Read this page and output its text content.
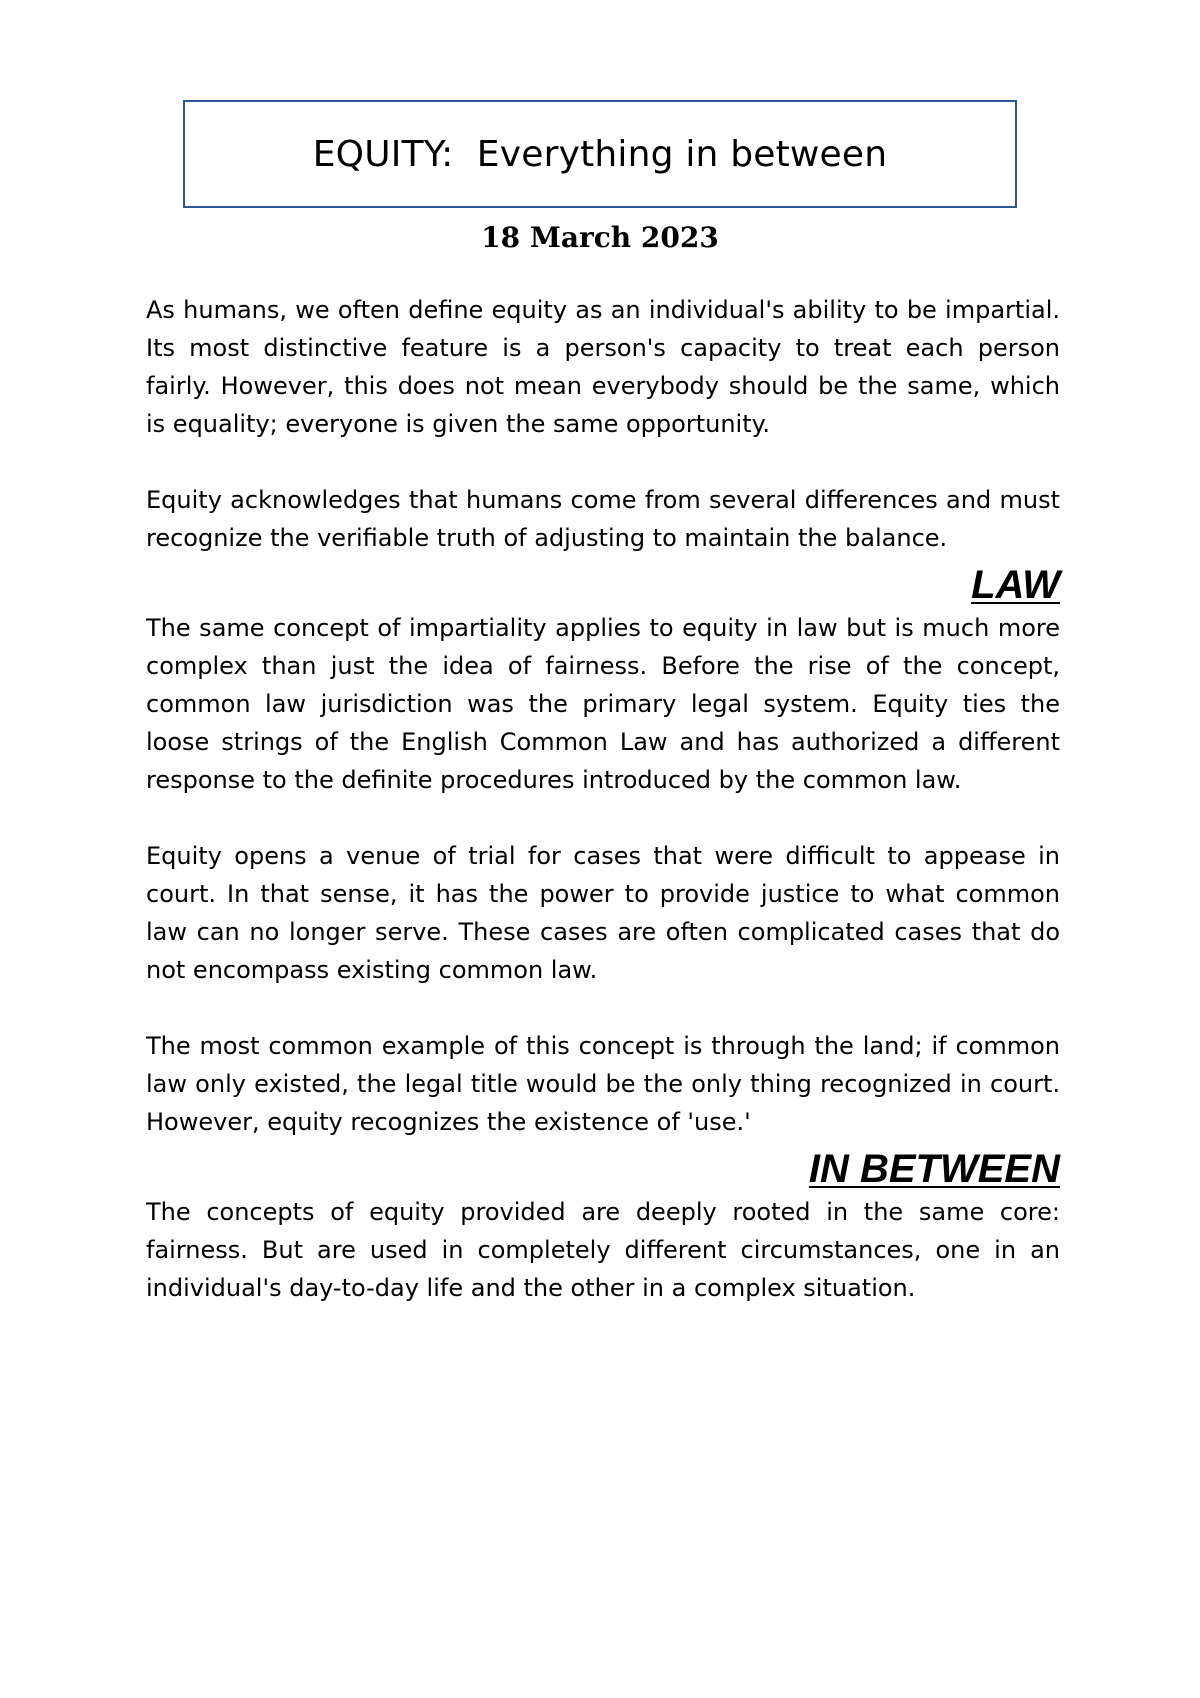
EQUITY:  Everything in between
18 March 2023

As humans, we often define equity as an individual's ability to be impartial. Its most distinctive feature is a person's capacity to treat each person fairly. However, this does not mean everybody should be the same, which is equality; everyone is given the same opportunity.

Equity acknowledges that humans come from several differences and must recognize the verifiable truth of adjusting to maintain the balance.

LAW

The same concept of impartiality applies to equity in law but is much more complex than just the idea of fairness. Before the rise of the concept, common law jurisdiction was the primary legal system. Equity ties the loose strings of the English Common Law and has authorized a different response to the definite procedures introduced by the common law.

Equity opens a venue of trial for cases that were difficult to appease in court. In that sense, it has the power to provide justice to what common law can no longer serve. These cases are often complicated cases that do not encompass existing common law.

The most common example of this concept is through the land; if common law only existed, the legal title would be the only thing recognized in court. However, equity recognizes the existence of 'use.'

IN BETWEEN

The concepts of equity provided are deeply rooted in the same core: fairness. But are used in completely different circumstances, one in an individual's day-to-day life and the other in a complex situation.
